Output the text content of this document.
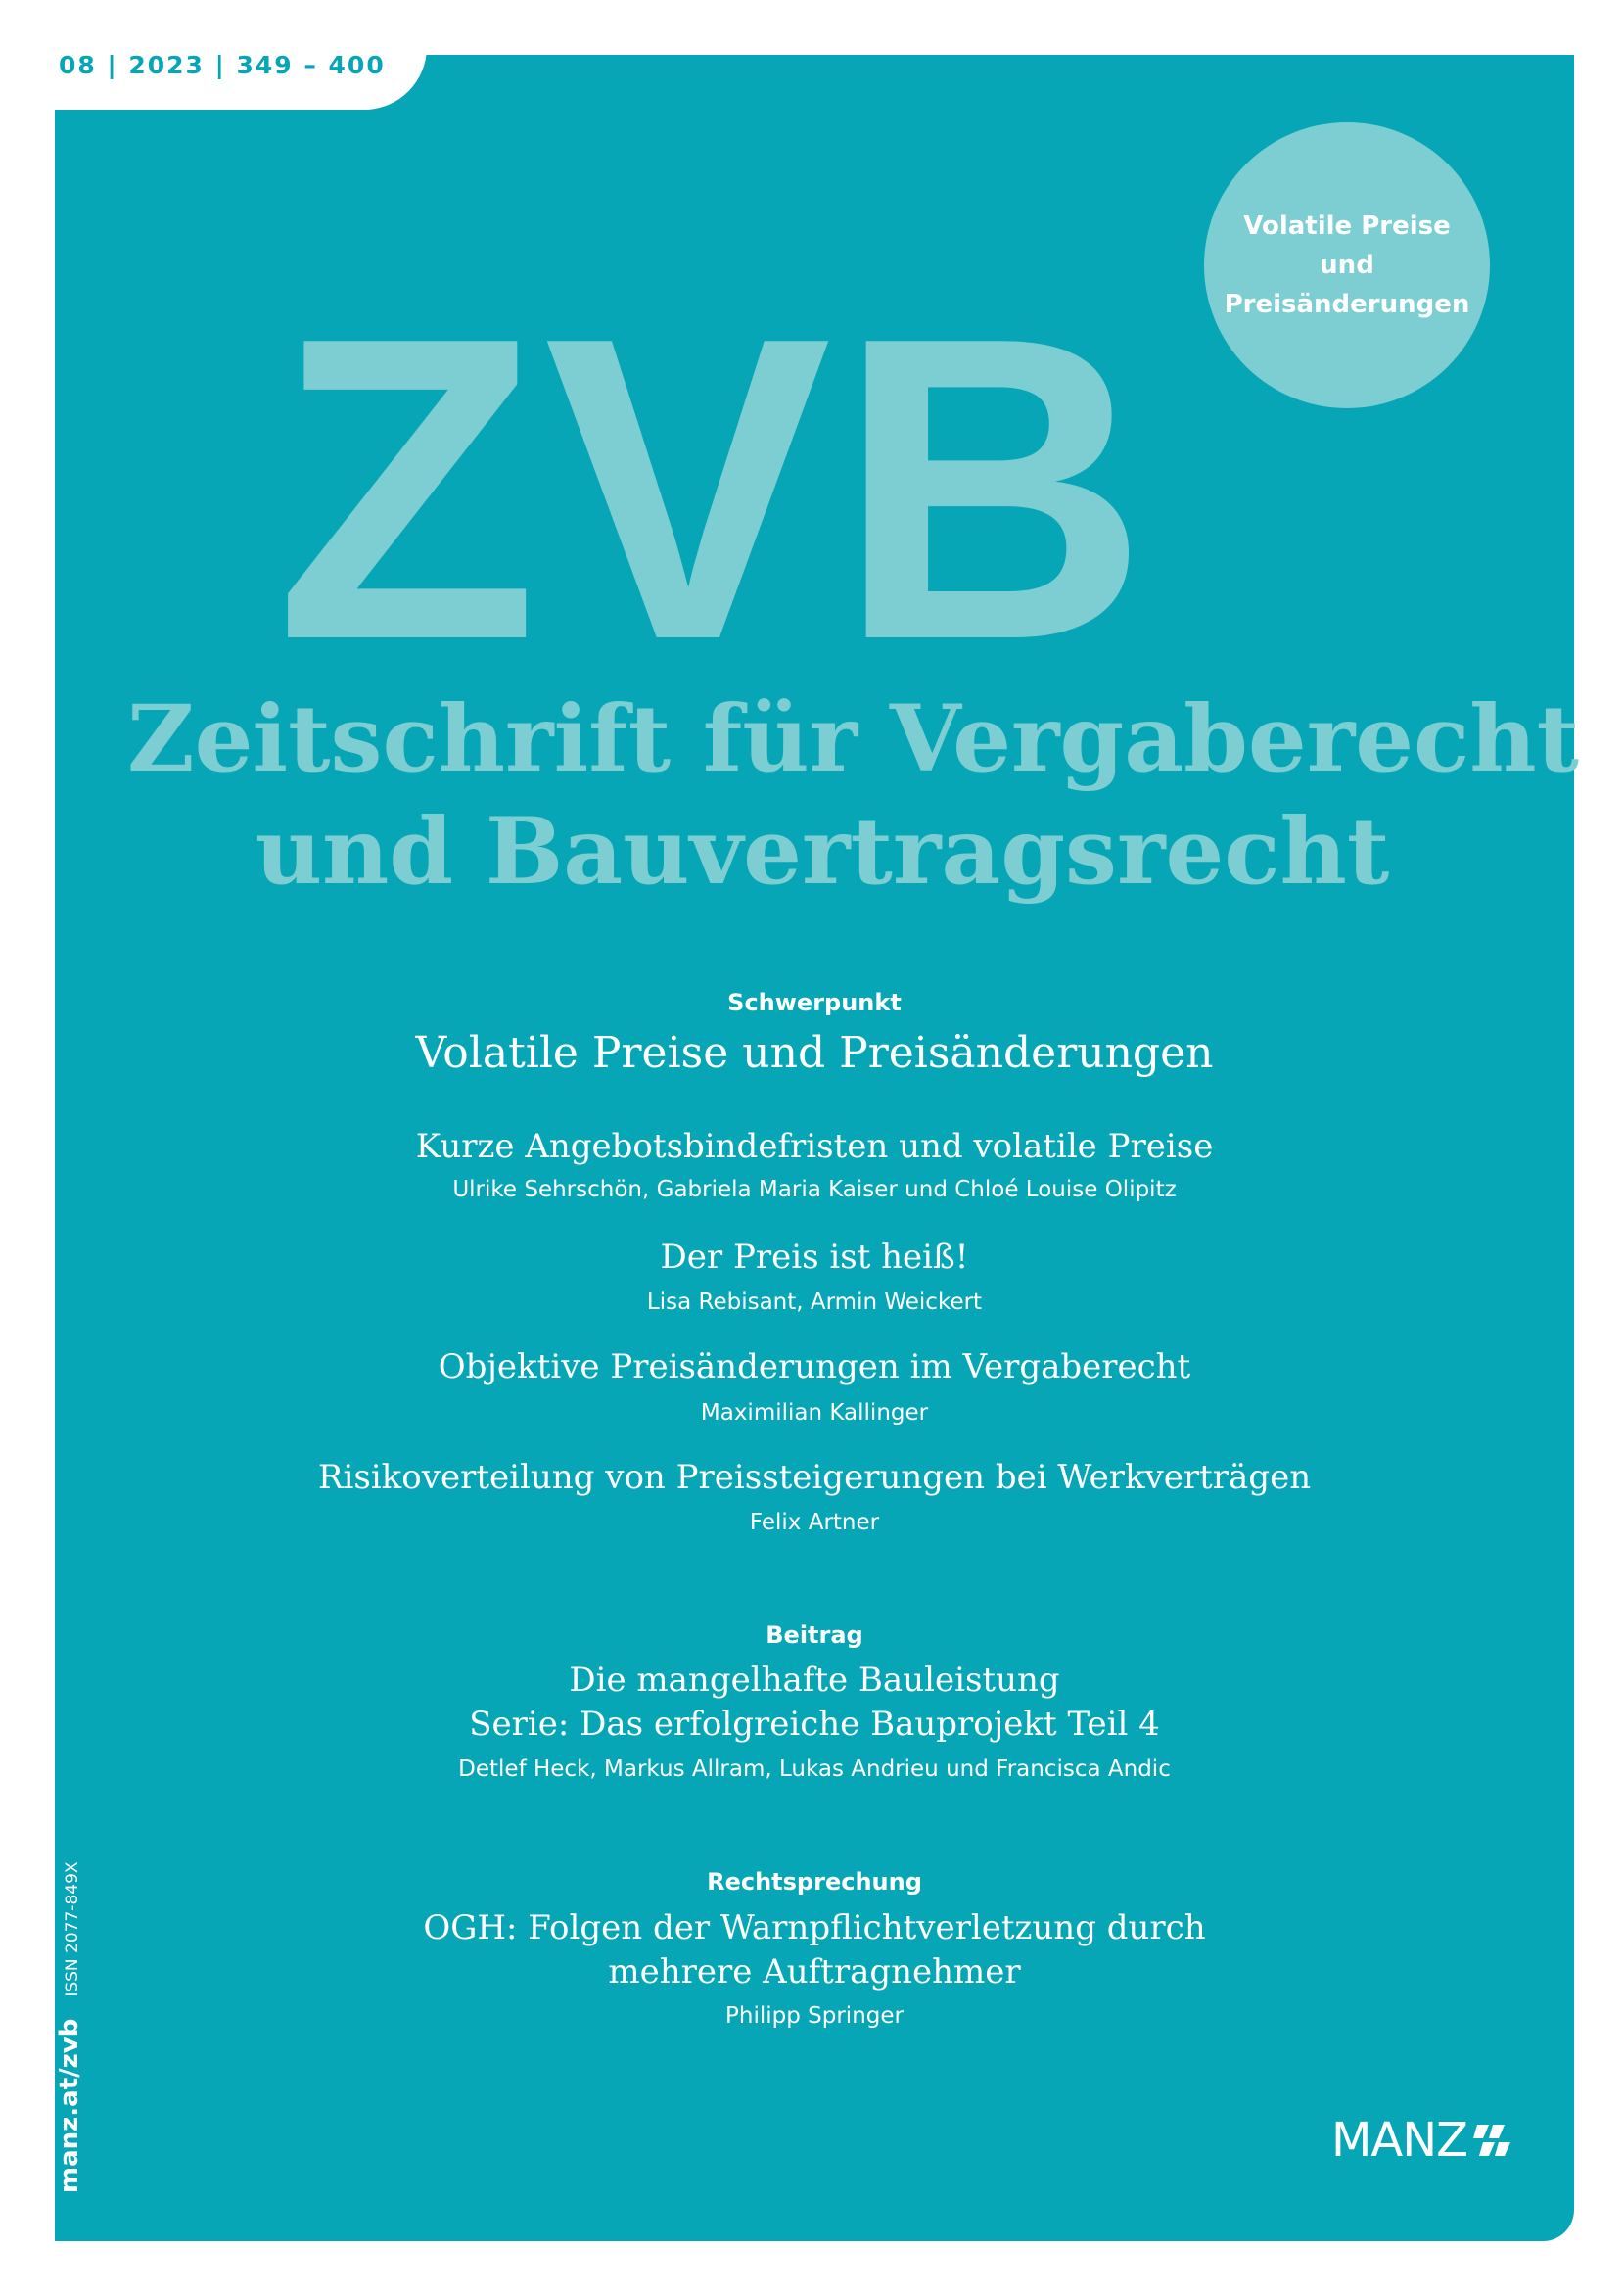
Schwerpunkt
Volatile Preise und Preisänderungen
Kurze Angebotsbindefristen und volatile Preise
Ulrike Sehrschön, Gabriela Maria Kaiser und Chloé Louise Olipitz
Der Preis ist heiß!
Lisa Rebisant, Armin Weickert
Objektive Preisänderungen im Vergaberecht
Maximilian Kallinger
Risikoverteilung von Preissteigerungen bei Werkverträgen
Felix Artner
Beitrag
Die mangelhafte Bauleistung
Serie: Das erfolgreiche Bauprojekt Teil 4
Detlef Heck, Markus Allram, Lukas Andrieu und Francisca Andic
Rechtsprechung
OGH: Folgen der Warnpflichtverletzung durch
mehrere Auftragnehmer
Philipp Springer
08 | 2023 | 349 – 400
Volatile Preise
und
Preisänderungen
ZVB
Zeitschrift für Vergaberecht
und Bauvertragsrecht
manz.at/zvb ISSN 2077-849X
MANZ
